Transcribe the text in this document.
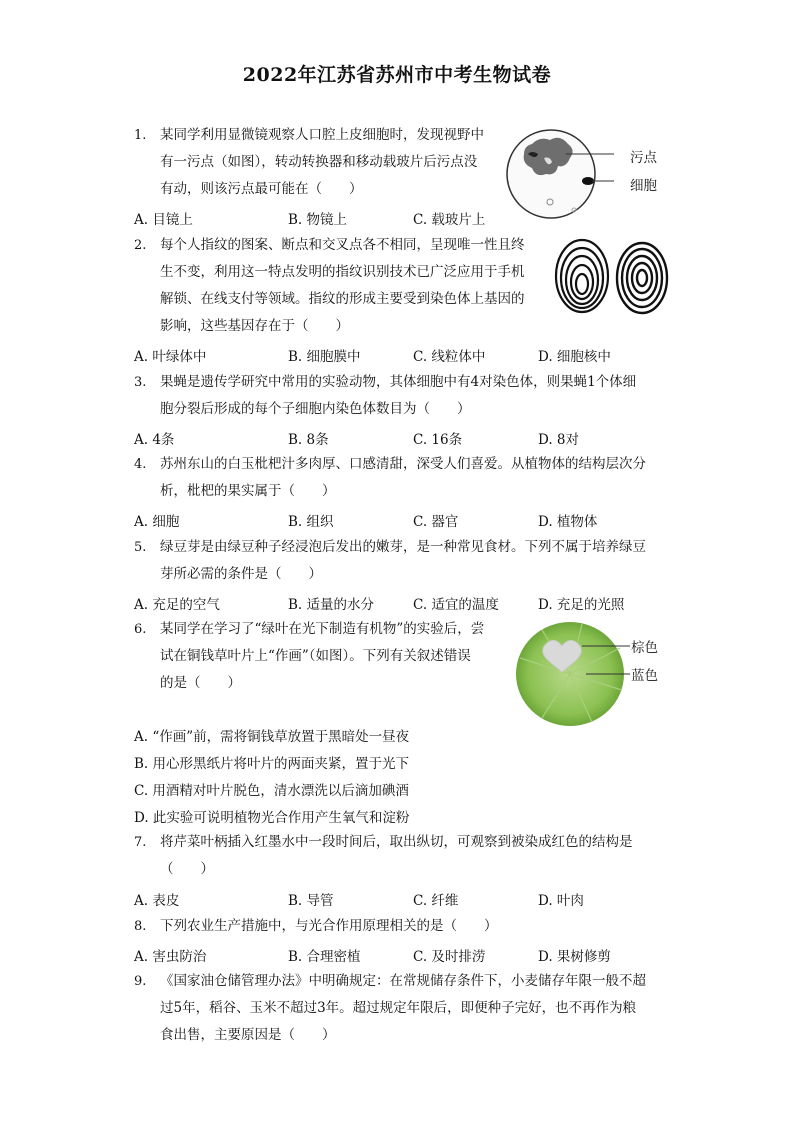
2022年江苏省苏州市中考生物试卷
1. 某同学利用显微镜观察人口腔上皮细胞时，发现视野中
有一污点（如图），转动转换器和移动载玻片后污点没
有动，则该污点最可能在（　　）
A. 目镜上	B. 物镜上	C. 载玻片上
污点
细胞
2. 每个人指纹的图案、断点和交叉点各不相同，呈现唯一性且终
生不变，利用这一特点发明的指纹识别技术已广泛应用于手机
解锁、在线支付等领域。指纹的形成主要受到染色体上基因的
影响，这些基因存在于（　　）
A. 叶绿体中	B. 细胞膜中	C. 线粒体中	D. 细胞核中
3. 果蝇是遗传学研究中常用的实验动物，其体细胞中有4对染色体，则果蝇1个体细
胞分裂后形成的每个子细胞内染色体数目为（　　）
A. 4条	B. 8条	C. 16条	D. 8对
4. 苏州东山的白玉枇杷汁多肉厚、口感清甜，深受人们喜爱。从植物体的结构层次分
析，枇杷的果实属于（　　）
A. 细胞	B. 组织	C. 器官	D. 植物体
5. 绿豆芽是由绿豆种子经浸泡后发出的嫩芽，是一种常见食材。下列不属于培养绿豆
芽所必需的条件是（　　）
A. 充足的空气	B. 适量的水分	C. 适宜的温度	D. 充足的光照
6. 某同学在学习了“绿叶在光下制造有机物”的实验后，尝
试在铜钱草叶片上“作画”（如图）。下列有关叙述错误
的是（　　）
棕色
蓝色
A. “作画”前，需将铜钱草放置于黑暗处一昼夜
B. 用心形黑纸片将叶片的两面夹紧，置于光下
C. 用酒精对叶片脱色，清水漂洗以后滴加碘酒
D. 此实验可说明植物光合作用产生氧气和淀粉
7. 将芹菜叶柄插入红墨水中一段时间后，取出纵切，可观察到被染成红色的结构是
（　　）
A. 表皮	B. 导管	C. 纤维	D. 叶肉
8. 下列农业生产措施中，与光合作用原理相关的是（　　）
A. 害虫防治	B. 合理密植	C. 及时排涝	D. 果树修剪
9. 《国家油仓储管理办法》中明确规定：在常规储存条件下，小麦储存年限一般不超
过5年，稻谷、玉米不超过3年。超过规定年限后，即便种子完好，也不再作为粮
食出售，主要原因是（　　）
